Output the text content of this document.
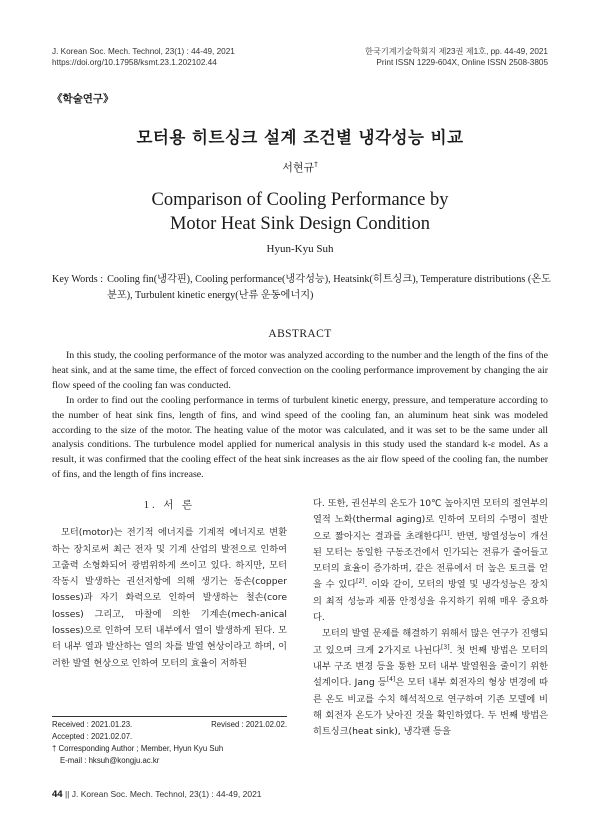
J. Korean Soc. Mech. Technol, 23(1) : 44-49, 2021
https://doi.org/10.17958/ksmt.23.1.202102.44
한국기계기술학회지 제23권 제1호, pp. 44-49, 2021
Print ISSN 1229-604X, Online ISSN 2508-3805
《학술연구》
모터용 히트싱크 설계 조건별 냉각성능 비교
서현규†
Comparison of Cooling Performance by
Motor Heat Sink Design Condition
Hyun-Kyu Suh
Key Words : Cooling fin(냉각핀), Cooling performance(냉각성능), Heatsink(히트싱크), Temperature distributions (온도분포), Turbulent kinetic energy(난류 운동에너지)
ABSTRACT

In this study, the cooling performance of the motor was analyzed according to the number and the length of the fins of the heat sink, and at the same time, the effect of forced convection on the cooling performance improvement by changing the air flow speed of the cooling fan was conducted.

In order to find out the cooling performance in terms of turbulent kinetic energy, pressure, and temperature according to the number of heat sink fins, length of fins, and wind speed of the cooling fan, an aluminum heat sink was modeled according to the size of the motor. The heating value of the motor was calculated, and it was set to be the same under all analysis conditions. The turbulence model applied for numerical analysis in this study used the standard k-ε model. As a result, it was confirmed that the cooling effect of the heat sink increases as the air flow speed of the cooling fan, the number of fins, and the length of fins increase.

1. 서 론

모터(motor)는 전기적 에너지를 기계적 에너지로 변환하는 장치로써 최근 전자 및 기계 산업의 발전으로 인하여 고출력 소형화되어 광범위하게 쓰이고 있다. 하지만, 모터 작동시 발생하는 권선저항에 의해 생기는 동손(copper losses)과 자기 화력으로 인하여 발생하는 철손(core losses) 그리고, 마찰에 의한 기계손(mech-anical losses)으로 인하여 모터 내부에서 열이 발생하게 된다. 모터 내부 열과 발산하는 열의 차를 발열 현상이라고 하며, 이러한 발열 현상으로 인하여 모터의 효율이 저하된

다. 또한, 권선부의 온도가 10℃ 높아지면 모터의 절연부의 열적 노화(thermal aging)로 인하여 모터의 수명이 절반으로 짧아지는 결과를 초래한다[1]. 반면, 방열성능이 개선된 모터는 동일한 구동조건에서 인가되는 전류가 줄어들고 모터의 효율이 증가하며, 같은 전류에서 더 높은 토크를 얻을 수 있다[2]. 이와 같이, 모터의 방열 및 냉각성능은 장치의 최적 성능과 제품 안정성을 유지하기 위해 매우 중요하다.

모터의 발열 문제를 해결하기 위해서 많은 연구가 진행되고 있으며 크게 2가지로 나뉜다[3]. 첫 번째 방법은 모터의 내부 구조 변경 등을 통한 모터 내부 발열원을 줄이기 위한 설계이다. Jang 등[4]은 모터 내부 회전자의 형상 변경에 따른 온도 비교를 수치 해석적으로 연구하여 기존 모델에 비해 회전자 온도가 낮아진 것을 확인하였다. 두 번째 방법은 히트싱크(heat sink), 냉각팬 등을

Received : 2021.01.23.	Revised : 2021.02.02.
Accepted : 2021.02.07.
† Corresponding Author ; Member, Hyun Kyu Suh
E-mail : hksuh@kongju.ac.kr
44 || J. Korean Soc. Mech. Technol, 23(1) : 44-49, 2021
